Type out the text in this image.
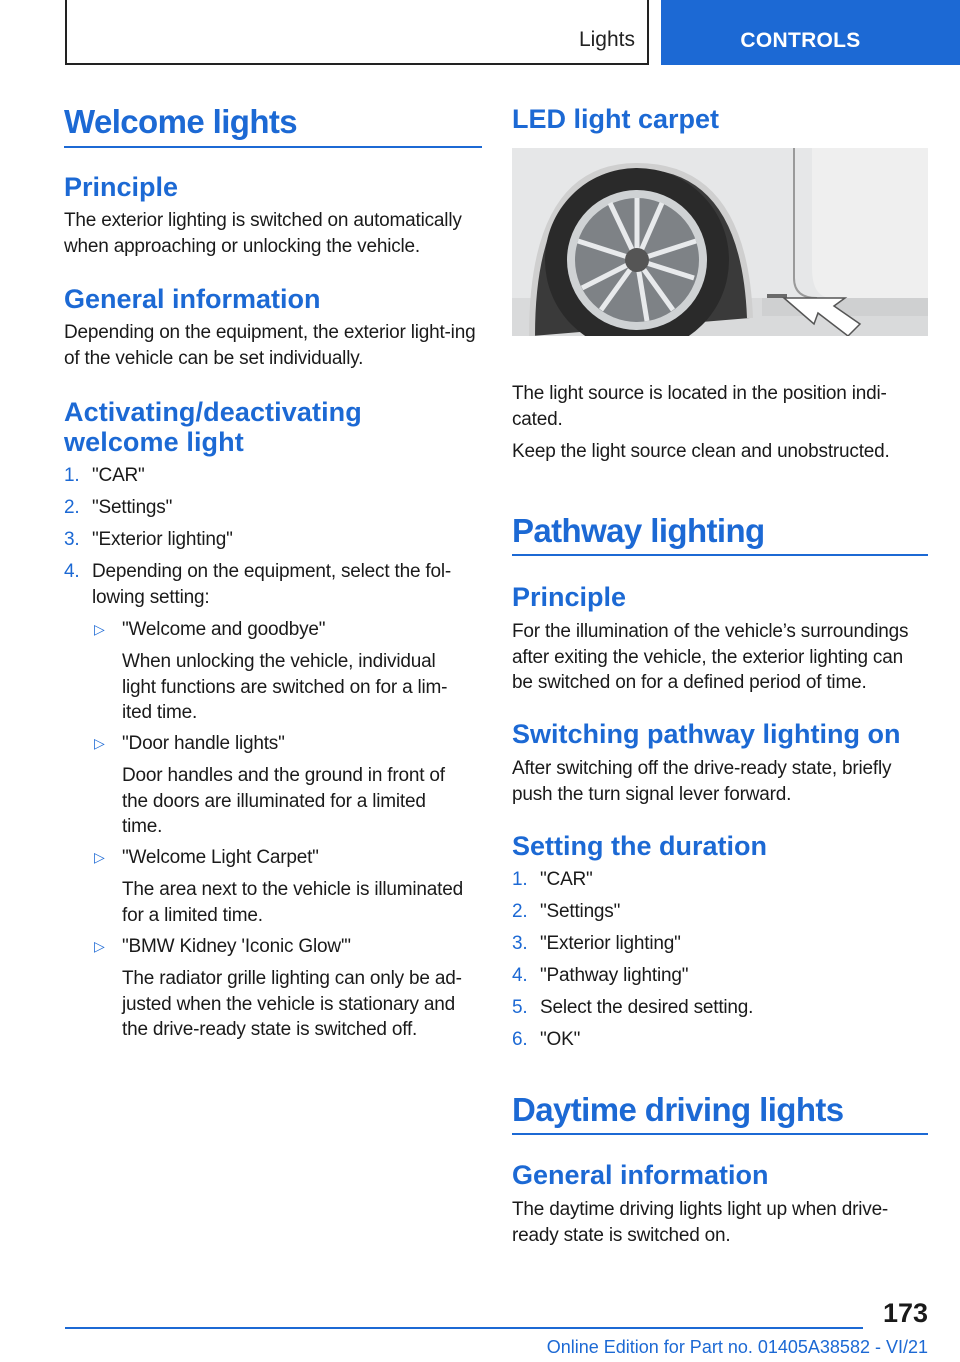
Lights	CONTROLS
Welcome lights
Principle
The exterior lighting is switched on automatically when approaching or unlocking the vehicle.
General information
Depending on the equipment, the exterior light-ing of the vehicle can be set individually.
Activating/deactivating welcome light
1. "CAR"
2. "Settings"
3. "Exterior lighting"
4. Depending on the equipment, select the fol-lowing setting:
▷ "Welcome and goodbye"
When unlocking the vehicle, individual light functions are switched on for a lim-ited time.
▷ "Door handle lights"
Door handles and the ground in front of the doors are illuminated for a limited time.
▷ "Welcome Light Carpet"
The area next to the vehicle is illuminated for a limited time.
▷ "BMW Kidney 'Iconic Glow'"
The radiator grille lighting can only be ad-justed when the vehicle is stationary and the drive-ready state is switched off.
LED light carpet
The light source is located in the position indi-cated.
Keep the light source clean and unobstructed.
Pathway lighting
Principle
For the illumination of the vehicle’s surroundings after exiting the vehicle, the exterior lighting can be switched on for a defined period of time.
Switching pathway lighting on
After switching off the drive-ready state, briefly push the turn signal lever forward.
Setting the duration
1. "CAR"
2. "Settings"
3. "Exterior lighting"
4. "Pathway lighting"
5. Select the desired setting.
6. "OK"
Daytime driving lights
General information
The daytime driving lights light up when drive-ready state is switched on.
173
Online Edition for Part no. 01405A38582 - VI/21
